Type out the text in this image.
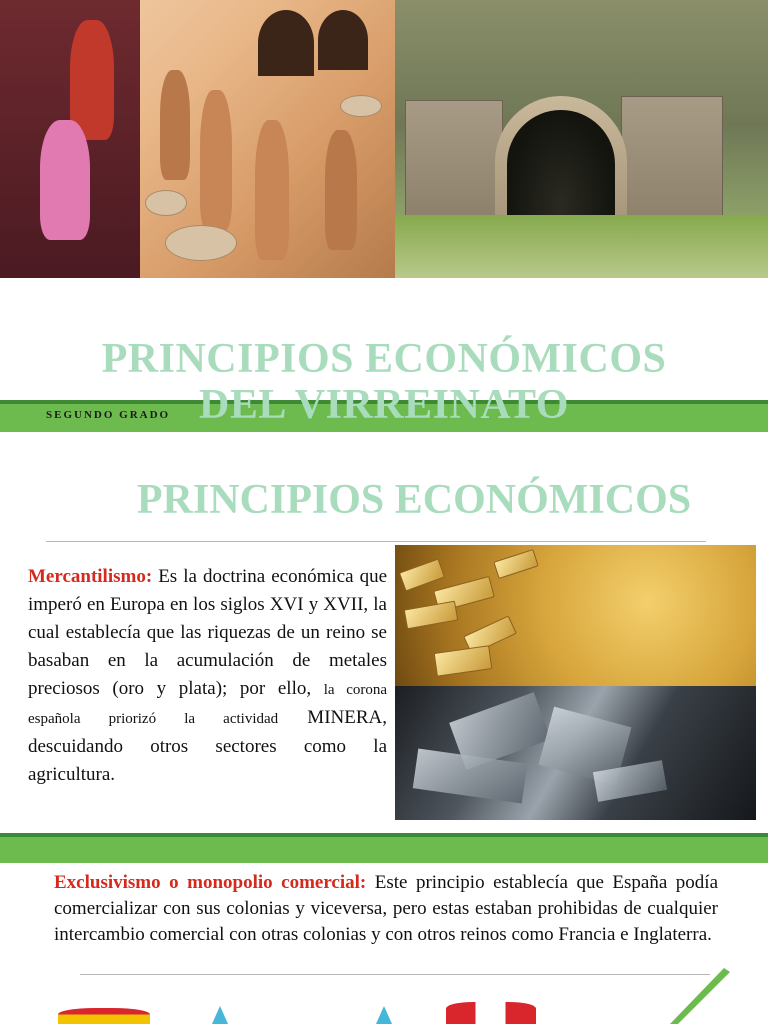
PRINCIPIOS ECONÓMICOS
DEL VIRREINATO
SEGUNDO GRADO
PRINCIPIOS ECONÓMICOS
Mercantilismo: Es la doctrina económica que imperó en Europa en los siglos XVI y XVII, la cual establecía que las riquezas de un reino se basaban en la acumulación de metales preciosos (oro y plata); por ello, la corona española priorizó la actividad MINERA, descuidando otros sectores como la agricultura.
Exclusivismo o monopolio comercial: Este principio establecía que España podía comercializar con sus colonias y viceversa, pero estas estaban prohibidas de cualquier intercambio comercial con otras colonias y con otros reinos como Francia e Inglaterra.
